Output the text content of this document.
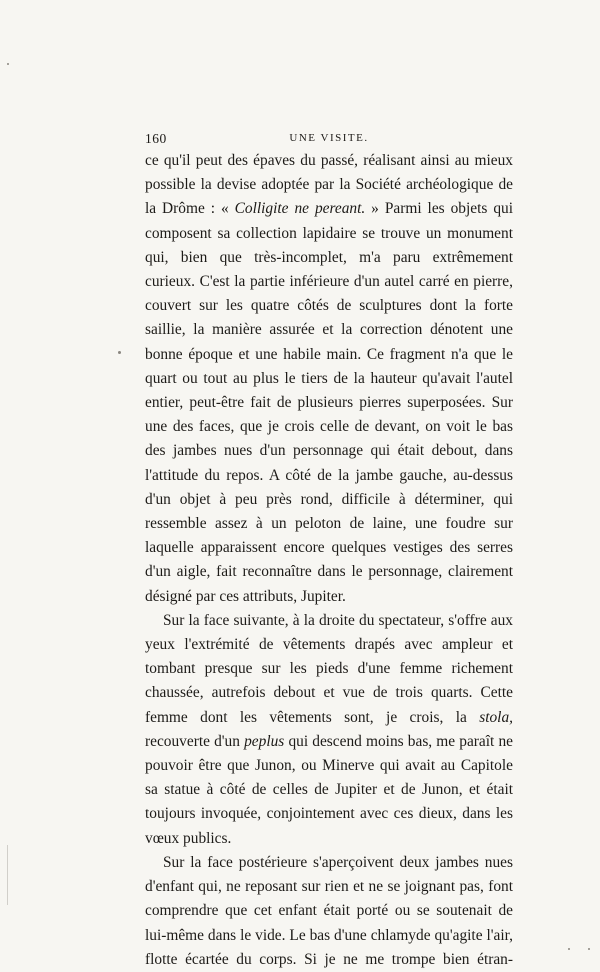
160	UNE VISITE.

ce qu'il peut des épaves du passé, réalisant ainsi au mieux possible la devise adoptée par la Société archéologique de la Drôme : « Colligite ne pereant. » Parmi les objets qui composent sa collection lapidaire se trouve un monument qui, bien que très-incomplet, m'a paru extrêmement curieux. C'est la partie inférieure d'un autel carré en pierre, couvert sur les quatre côtés de sculptures dont la forte saillie, la manière assurée et la correction dénotent une bonne époque et une habile main. Ce fragment n'a que le quart ou tout au plus le tiers de la hauteur qu'avait l'autel entier, peut-être fait de plusieurs pierres superposées. Sur une des faces, que je crois celle de devant, on voit le bas des jambes nues d'un personnage qui était debout, dans l'attitude du repos. A côté de la jambe gauche, au-dessus d'un objet à peu près rond, difficile à déterminer, qui ressemble assez à un peloton de laine, une foudre sur laquelle apparaissent encore quelques vestiges des serres d'un aigle, fait reconnaître dans le personnage, clairement désigné par ces attributs, Jupiter.

Sur la face suivante, à la droite du spectateur, s'offre aux yeux l'extrémité de vêtements drapés avec ampleur et tombant presque sur les pieds d'une femme richement chaussée, autrefois debout et vue de trois quarts. Cette femme dont les vêtements sont, je crois, la stola, recouverte d'un peplus qui descend moins bas, me paraît ne pouvoir être que Junon, ou Minerve qui avait au Capitole sa statue à côté de celles de Jupiter et de Junon, et était toujours invoquée, conjointement avec ces dieux, dans les vœux publics.

Sur la face postérieure s'aperçoivent deux jambes nues d'enfant qui, ne reposant sur rien et ne se joignant pas, font comprendre que cet enfant était porté ou se soutenait de lui-même dans le vide. Le bas d'une chlamyde qu'agite l'air, flotte écartée du corps. Si je ne me trompe bien étran-
